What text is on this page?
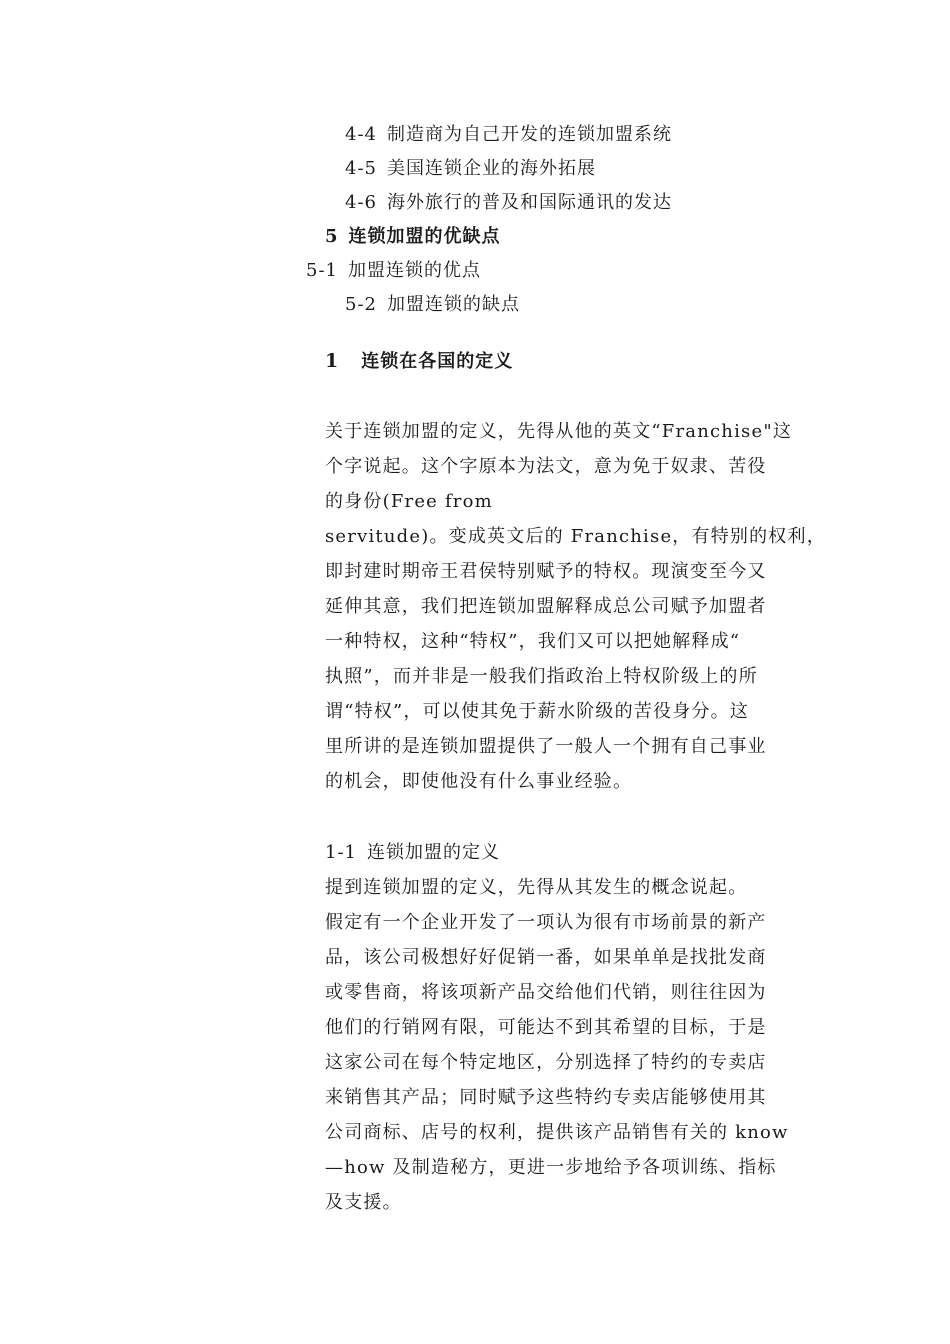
4-4 制造商为自己开发的连锁加盟系统
4-5 美国连锁企业的海外拓展
4-6 海外旅行的普及和国际通讯的发达
5 连锁加盟的优缺点
5-1 加盟连锁的优点
5-2 加盟连锁的缺点
1 连锁在各国的定义
关于连锁加盟的定义，先得从他的英文“Franchise"这
个字说起。这个字原本为法文，意为免于奴隶、苦役
的身份(Free from
servitude)。变成英文后的 Franchise，有特别的权利，
即封建时期帝王君侯特别赋予的特权。现演变至今又
延伸其意，我们把连锁加盟解释成总公司赋予加盟者
一种特权，这种“特权”，我们又可以把她解释成“
执照”，而并非是一般我们指政治上特权阶级上的所
谓“特权”，可以使其免于薪水阶级的苦役身分。这
里所讲的是连锁加盟提供了一般人一个拥有自己事业
的机会，即使他没有什么事业经验。
1-1 连锁加盟的定义
提到连锁加盟的定义，先得从其发生的概念说起。
假定有一个企业开发了一项认为很有市场前景的新产
品，该公司极想好好促销一番，如果单单是找批发商
或零售商，将该项新产品交给他们代销，则往往因为
他们的行销网有限，可能达不到其希望的目标，于是
这家公司在每个特定地区，分别选择了特约的专卖店
来销售其产品；同时赋予这些特约专卖店能够使用其
公司商标、店号的权利，提供该产品销售有关的 know
—how 及制造秘方，更进一步地给予各项训练、指标
及支援。
